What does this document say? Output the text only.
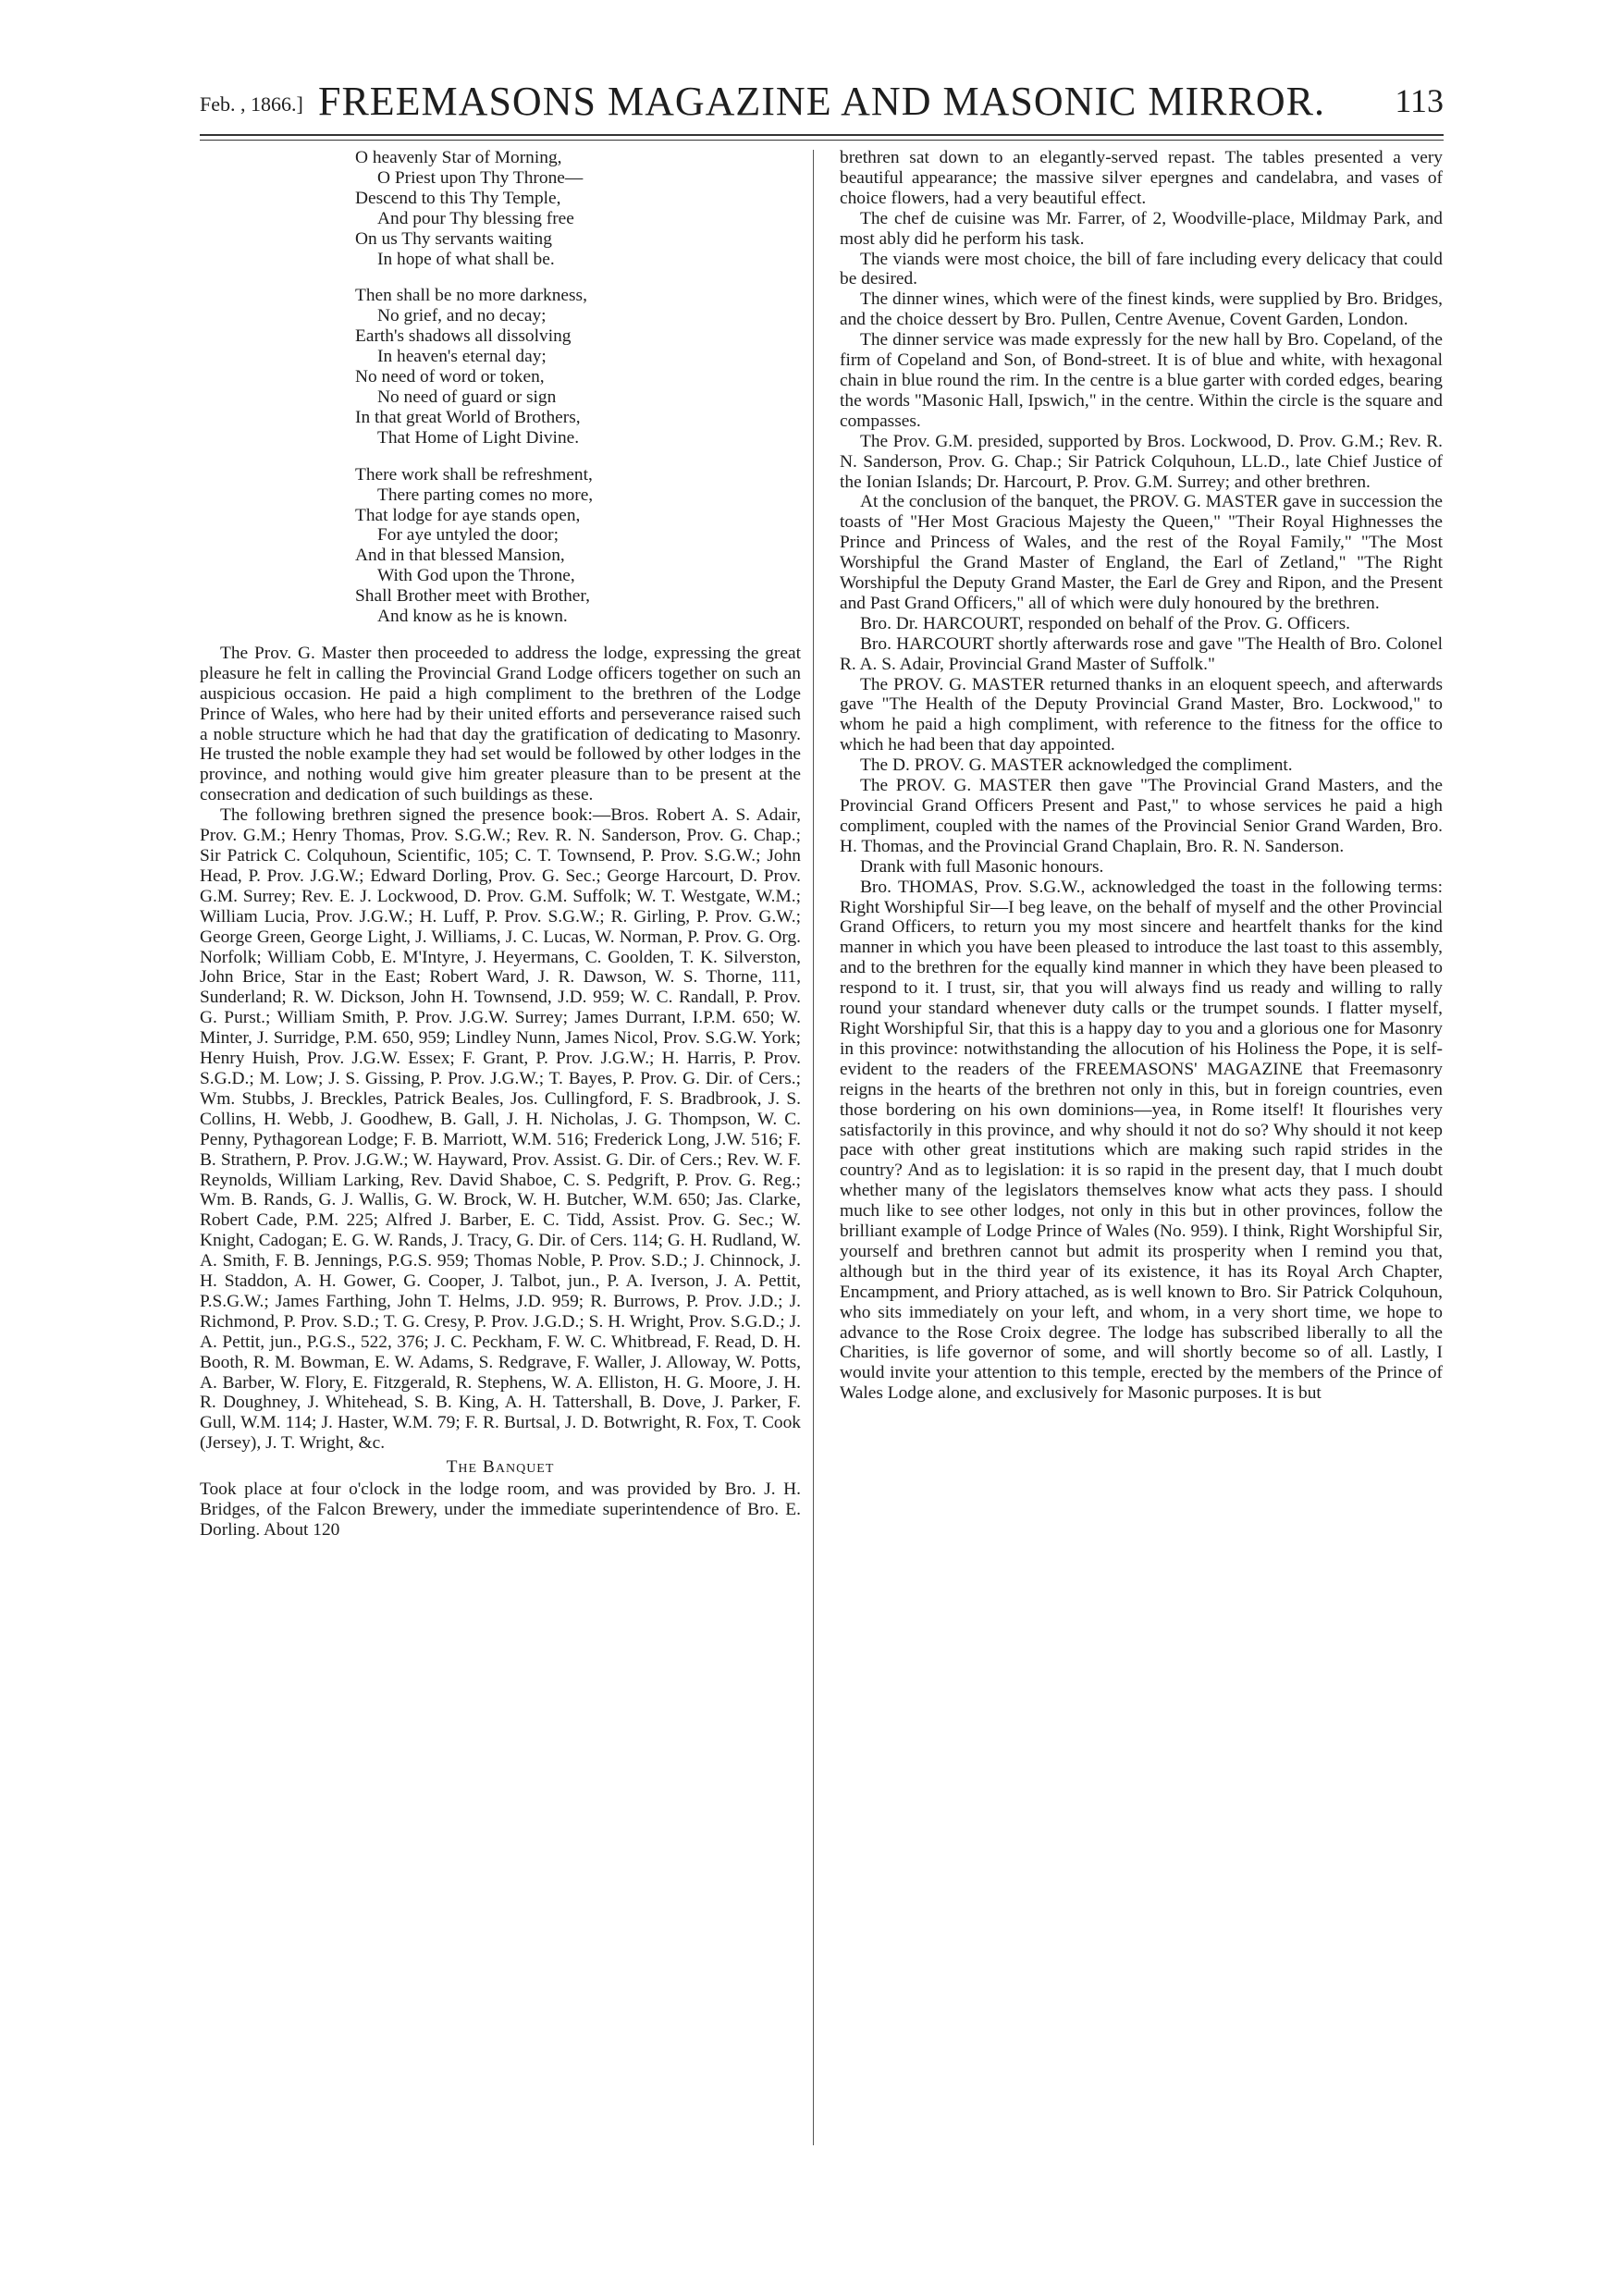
Feb. , 1866.] FREEMASONS MAGAZINE AND MASONIC MIRROR.	113
O heavenly Star of Morning,
O Priest upon Thy Throne—
Descend to this Thy Temple,
And pour Thy blessing free
On us Thy servants waiting
In hope of what shall be.
Then shall be no more darkness,
No grief, and no decay;
Earth's shadows all dissolving
In heaven's eternal day;
No need of word or token,
No need of guard or sign
In that great World of Brothers,
That Home of Light Divine.
There work shall be refreshment,
There parting comes no more,
That lodge for aye stands open,
For aye untyled the door;
And in that blessed Mansion,
With God upon the Throne,
Shall Brother meet with Brother,
And know as he is known.

The Prov. G. Master then proceeded to address the lodge, expressing the great pleasure he felt in calling the Provincial Grand Lodge officers together on such an auspicious occasion. He paid a high compliment to the brethren of the Lodge Prince of Wales, who here had by their united efforts and perseverance raised such a noble structure which he had that day the gratification of dedicating to Masonry. He trusted the noble example they had set would be followed by other lodges in the province, and nothing would give him greater pleasure than to be present at the consecration and dedication of such buildings as these.

The following brethren signed the presence book:—Bros. Robert A. S. Adair, Prov. G.M.; Henry Thomas, Prov. S.G.W.; Rev. R. N. Sanderson, Prov. G. Chap.; Sir Patrick C. Colquhoun, Scientific, 105; C. T. Townsend, P. Prov. S.G.W.; John Head, P. Prov. J.G.W.; Edward Dorling, Prov. G. Sec.; George Harcourt, D. Prov. G.M. Surrey; Rev. E. J. Lockwood, D. Prov. G.M. Suffolk; W. T. Westgate, W.M.; William Lucia, Prov. J.G.W.; H. Luff, P. Prov. S.G.W.; R. Girling, P. Prov. G.W.; George Green, George Light, J. Williams, J. C. Lucas, W. Norman, P. Prov. G. Org. Norfolk; William Cobb, E. M'Intyre, J. Heyermans, C. Goolden, T. K. Silverston, John Brice, Star in the East; Robert Ward, J. R. Dawson, W. S. Thorne, 111, Sunderland; R. W. Dickson, John H. Townsend, J.D. 959; W. C. Randall, P. Prov. G. Purst.; William Smith, P. Prov. J.G.W. Surrey; James Durrant, I.P.M. 650; W. Minter, J. Surridge, P.M. 650, 959; Lindley Nunn, James Nicol, Prov. S.G.W. York; Henry Huish, Prov. J.G.W. Essex; F. Grant, P. Prov. J.G.W.; H. Harris, P. Prov. S.G.D.; M. Low; J. S. Gissing, P. Prov. J.G.W.; T. Bayes, P. Prov. G. Dir. of Cers.; Wm. Stubbs, J. Breckles, Patrick Beales, Jos. Cullingford, F. S. Bradbrook, J. S. Collins, H. Webb, J. Goodhew, B. Gall, J. H. Nicholas, J. G. Thompson, W. C. Penny, Pythagorean Lodge; F. B. Marriott, W.M. 516; Frederick Long, J.W. 516; F. B. Strathern, P. Prov. J.G.W.; W. Hayward, Prov. Assist. G. Dir. of Cers.; Rev. W. F. Reynolds, William Larking, Rev. David Shaboe, C. S. Pedgrift, P. Prov. G. Reg.; Wm. B. Rands, G. J. Wallis, G. W. Brock, W. H. Butcher, W.M. 650; Jas. Clarke, Robert Cade, P.M. 225; Alfred J. Barber, E. C. Tidd, Assist. Prov. G. Sec.; W. Knight, Cadogan; E. G. W. Rands, J. Tracy, G. Dir. of Cers. 114; G. H. Rudland, W. A. Smith, F. B. Jennings, P.G.S. 959; Thomas Noble, P. Prov. S.D.; J. Chinnock, J. H. Staddon, A. H. Gower, G. Cooper, J. Talbot, jun., P. A. Iverson, J. A. Pettit, P.S.G.W.; James Farthing, John T. Helms, J.D. 959; R. Burrows, P. Prov. J.D.; J. Richmond, P. Prov. S.D.; T. G. Cresy, P. Prov. J.G.D.; S. H. Wright, Prov. S.G.D.; J. A. Pettit, jun., P.G.S., 522, 376; J. C. Peckham, F. W. C. Whitbread, F. Read, D. H. Booth, R. M. Bowman, E. W. Adams, S. Redgrave, F. Waller, J. Alloway, W. Potts, A. Barber, W. Flory, E. Fitzgerald, R. Stephens, W. A. Elliston, H. G. Moore, J. H. R. Doughney, J. Whitehead, S. B. King, A. H. Tattershall, B. Dove, J. Parker, F. Gull, W.M. 114; J. Haster, W.M. 79; F. R. Burtsal, J. D. Botwright, R. Fox, T. Cook (Jersey), J. T. Wright, &c.

The Banquet

Took place at four o'clock in the lodge room, and was provided by Bro. J. H. Bridges, of the Falcon Brewery, under the immediate superintendence of Bro. E. Dorling. About 120

brethren sat down to an elegantly-served repast. The tables presented a very beautiful appearance; the massive silver epergnes and candelabra, and vases of choice flowers, had a very beautiful effect.

The chef de cuisine was Mr. Farrer, of 2, Woodville-place, Mildmay Park, and most ably did he perform his task.

The viands were most choice, the bill of fare including every delicacy that could be desired.

The dinner wines, which were of the finest kinds, were supplied by Bro. Bridges, and the choice dessert by Bro. Pullen, Centre Avenue, Covent Garden, London.

The dinner service was made expressly for the new hall by Bro. Copeland, of the firm of Copeland and Son, of Bond-street. It is of blue and white, with hexagonal chain in blue round the rim. In the centre is a blue garter with corded edges, bearing the words "Masonic Hall, Ipswich," in the centre. Within the circle is the square and compasses.

The Prov. G.M. presided, supported by Bros. Lockwood, D. Prov. G.M.; Rev. R. N. Sanderson, Prov. G. Chap.; Sir Patrick Colquhoun, LL.D., late Chief Justice of the Ionian Islands; Dr. Harcourt, P. Prov. G.M. Surrey; and other brethren.

At the conclusion of the banquet, the PROV. G. MASTER gave in succession the toasts of "Her Most Gracious Majesty the Queen," "Their Royal Highnesses the Prince and Princess of Wales, and the rest of the Royal Family," "The Most Worshipful the Grand Master of England, the Earl of Zetland," "The Right Worshipful the Deputy Grand Master, the Earl de Grey and Ripon, and the Present and Past Grand Officers," all of which were duly honoured by the brethren.

Bro. Dr. HARCOURT, responded on behalf of the Prov. G. Officers.

Bro. HARCOURT shortly afterwards rose and gave "The Health of Bro. Colonel R. A. S. Adair, Provincial Grand Master of Suffolk."

The PROV. G. MASTER returned thanks in an eloquent speech, and afterwards gave "The Health of the Deputy Provincial Grand Master, Bro. Lockwood," to whom he paid a high compliment, with reference to the fitness for the office to which he had been that day appointed.

The D. PROV. G. MASTER acknowledged the compliment.

The PROV. G. MASTER then gave "The Provincial Grand Masters, and the Provincial Grand Officers Present and Past," to whose services he paid a high compliment, coupled with the names of the Provincial Senior Grand Warden, Bro. H. Thomas, and the Provincial Grand Chaplain, Bro. R. N. Sanderson.

Drank with full Masonic honours.

Bro. THOMAS, Prov. S.G.W., acknowledged the toast in the following terms: Right Worshipful Sir—I beg leave, on the behalf of myself and the other Provincial Grand Officers, to return you my most sincere and heartfelt thanks for the kind manner in which you have been pleased to introduce the last toast to this assembly, and to the brethren for the equally kind manner in which they have been pleased to respond to it. I trust, sir, that you will always find us ready and willing to rally round your standard whenever duty calls or the trumpet sounds. I flatter myself, Right Worshipful Sir, that this is a happy day to you and a glorious one for Masonry in this province: notwithstanding the allocution of his Holiness the Pope, it is self-evident to the readers of the FREEMASONS' MAGAZINE that Freemasonry reigns in the hearts of the brethren not only in this, but in foreign countries, even those bordering on his own dominions—yea, in Rome itself! It flourishes very satisfactorily in this province, and why should it not do so? Why should it not keep pace with other great institutions which are making such rapid strides in the country? And as to legislation: it is so rapid in the present day, that I much doubt whether many of the legislators themselves know what acts they pass. I should much like to see other lodges, not only in this but in other provinces, follow the brilliant example of Lodge Prince of Wales (No. 959). I think, Right Worshipful Sir, yourself and brethren cannot but admit its prosperity when I remind you that, although but in the third year of its existence, it has its Royal Arch Chapter, Encampment, and Priory attached, as is well known to Bro. Sir Patrick Colquhoun, who sits immediately on your left, and whom, in a very short time, we hope to advance to the Rose Croix degree. The lodge has subscribed liberally to all the Charities, is life governor of some, and will shortly become so of all. Lastly, I would invite your attention to this temple, erected by the members of the Prince of Wales Lodge alone, and exclusively for Masonic purposes. It is but
